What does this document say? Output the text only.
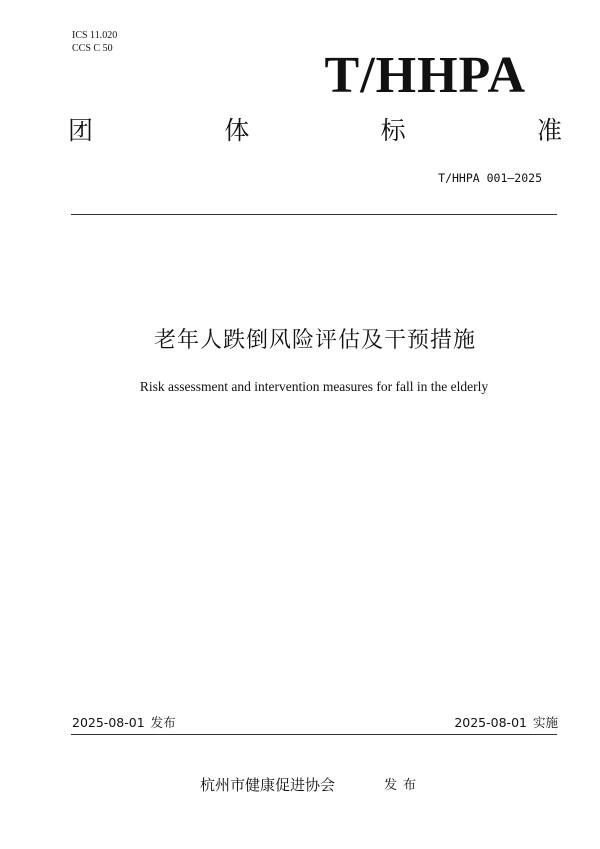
ICS 11.020
CCS C 50	T/HHPA
团	体	标	准
T/HHPA 001—2025
老年人跌倒风险评估及干预措施
Risk assessment and intervention measures for fall in the elderly
2025-08-01 发布	2025-08-01 实施
杭州市健康促进协会	发布
